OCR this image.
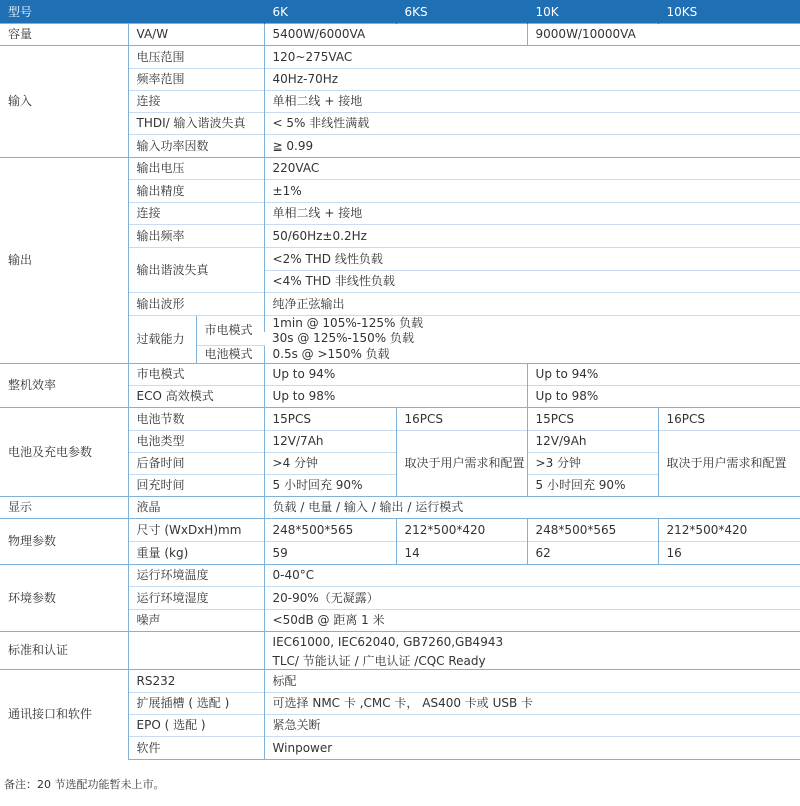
型号			6K	6KS	10K	10KS
容量	VA/W		5400W/6000VA		9000W/10000VA	
输入	电压范围		120~275VAC			
	频率范围		40Hz-70Hz			
	连接		单相二线 + 接地			
	THDI/ 输入谐波失真		< 5% 非线性满载			
	输入功率因数		≧ 0.99			
输出	输出电压		220VAC			
	输出精度		±1%			
	连接		单相二线 + 接地			
	输出频率		50/60Hz±0.2Hz			
	输出谐波失真		<2% THD 线性负载			
			<4% THD 非线性负载			
	输出波形		纯净正弦输出			
	过载能力	市电模式	1min @ 105%-125% 负载			
			30s @ 125%-150% 负载			
		电池模式	0.5s @ >150% 负载			
整机效率	市电模式		Up to 94%		Up to 94%	
	ECO 高效模式		Up to 98%		Up to 98%	
电池及充电参数	电池节数		15PCS	16PCS	15PCS	16PCS
	电池类型		12V/7Ah	取决于用户需求和配置	12V/9Ah	取决于用户需求和配置
	后备时间		>4 分钟		>3 分钟	
	回充时间		5 小时回充 90%		5 小时回充 90%	
显示	液晶		负载 / 电量 / 输入 / 输出 / 运行模式			
物理参数	尺寸 (WxDxH)mm		248*500*565	212*500*420	248*500*565	212*500*420
	重量 (kg)		59	14	62	16
环境参数	运行环境温度		0-40°C			
	运行环境湿度		20-90%（无凝露）			
	噪声		<50dB @ 距离 1 米			
标准和认证			IEC61000, IEC62040, GB7260,GB4943			
			TLC/ 节能认证 / 广电认证 /CQC Ready			
通讯接口和软件	RS232		标配			
	扩展插槽 ( 选配 )		可选择 NMC 卡 ,CMC 卡， AS400 卡或 USB 卡			
	EPO ( 选配 )		紧急关断			
	软件		Winpower			
备注：20 节选配功能暂未上市。
